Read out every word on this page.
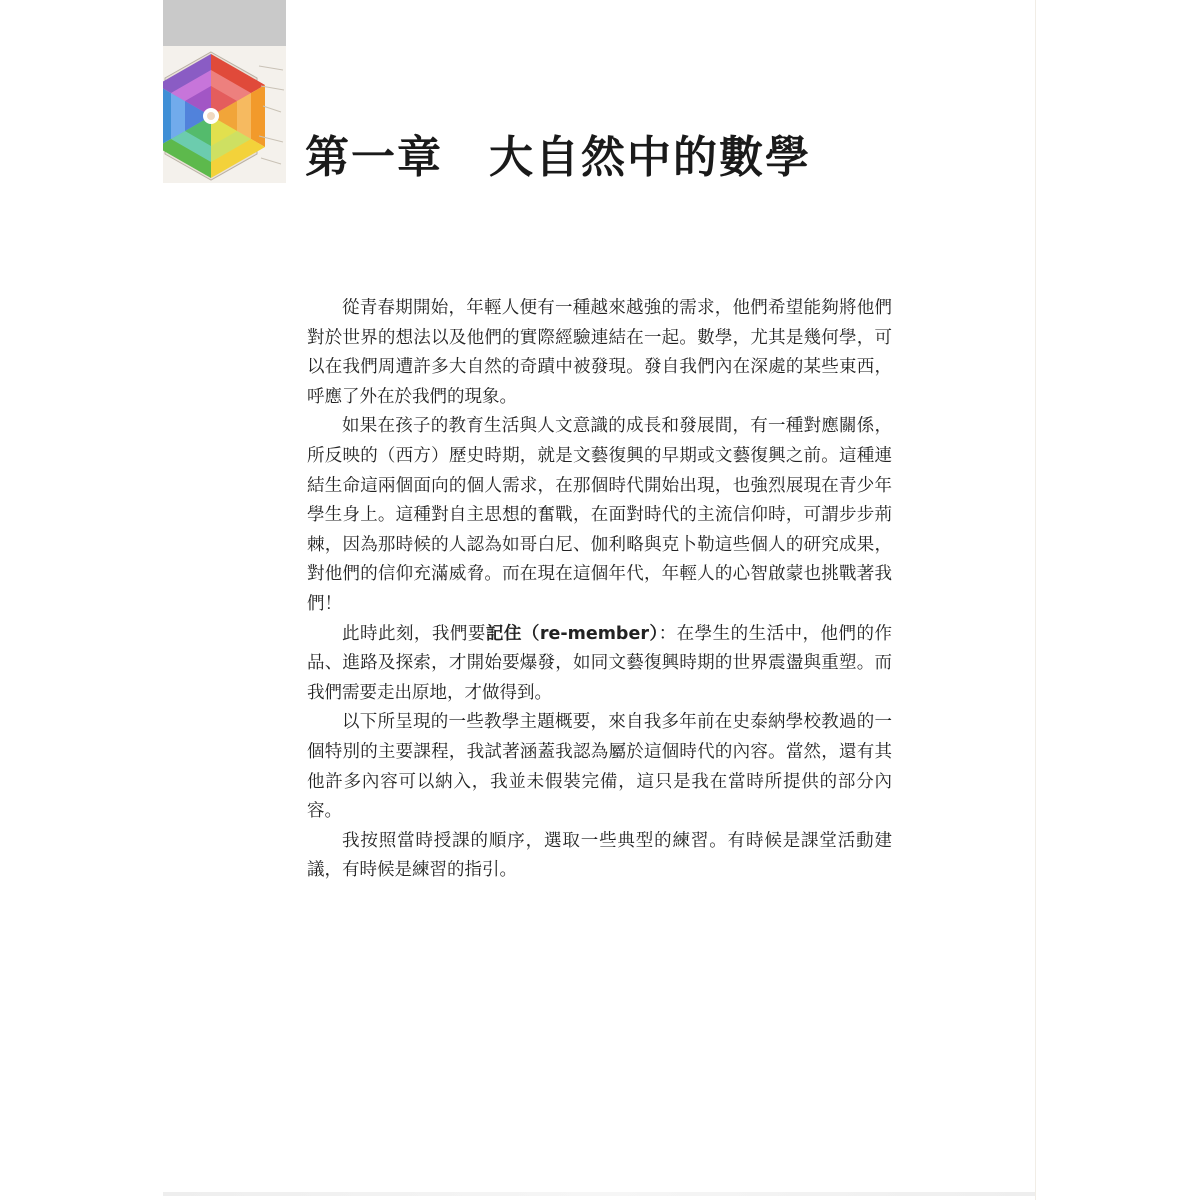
第一章　大自然中的數學

從青春期開始，年輕人便有一種越來越強的需求，他們希望能夠將他們對於世界的想法以及他們的實際經驗連結在一起。數學，尤其是幾何學，可以在我們周遭許多大自然的奇蹟中被發現。發自我們內在深處的某些東西，呼應了外在於我們的現象。

如果在孩子的教育生活與人文意識的成長和發展間，有一種對應關係，所反映的（西方）歷史時期，就是文藝復興的早期或文藝復興之前。這種連結生命這兩個面向的個人需求，在那個時代開始出現，也強烈展現在青少年學生身上。這種對自主思想的奮戰，在面對時代的主流信仰時，可謂步步荊棘，因為那時候的人認為如哥白尼、伽利略與克卜勒這些個人的研究成果，對他們的信仰充滿威脅。而在現在這個年代，年輕人的心智啟蒙也挑戰著我們！

此時此刻，我們要記住（re-member）：在學生的生活中，他們的作品、進路及探索，才開始要爆發，如同文藝復興時期的世界震盪與重塑。而我們需要走出原地，才做得到。

以下所呈現的一些教學主題概要，來自我多年前在史泰納學校教過的一個特別的主要課程，我試著涵蓋我認為屬於這個時代的內容。當然，還有其他許多內容可以納入，我並未假裝完備，這只是我在當時所提供的部分內容。

我按照當時授課的順序，選取一些典型的練習。有時候是課堂活動建議，有時候是練習的指引。
